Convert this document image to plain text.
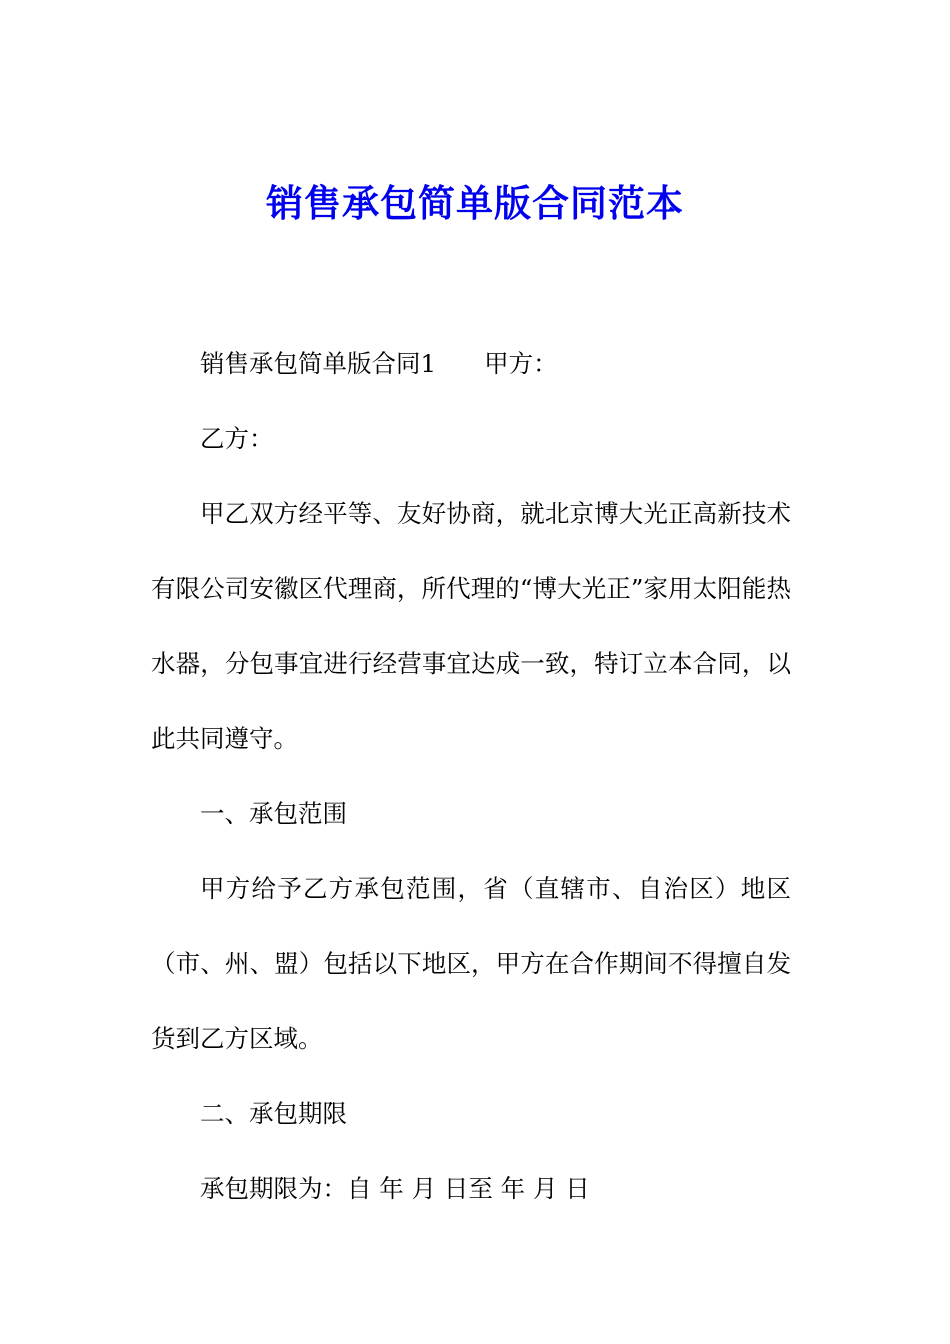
销售承包简单版合同范本

销售承包简单版合同1 甲方：

乙方：

甲乙双方经平等、友好协商，就北京博大光正高新技术有限公司安徽区代理商，所代理的“博大光正”家用太阳能热水器，分包事宜进行经营事宜达成一致，特订立本合同，以此共同遵守。

一、承包范围

甲方给予乙方承包范围，省（直辖市、自治区）地区（市、州、盟）包括以下地区，甲方在合作期间不得擅自发货到乙方区域。

二、承包期限

承包期限为：自 年 月 日至 年 月 日
